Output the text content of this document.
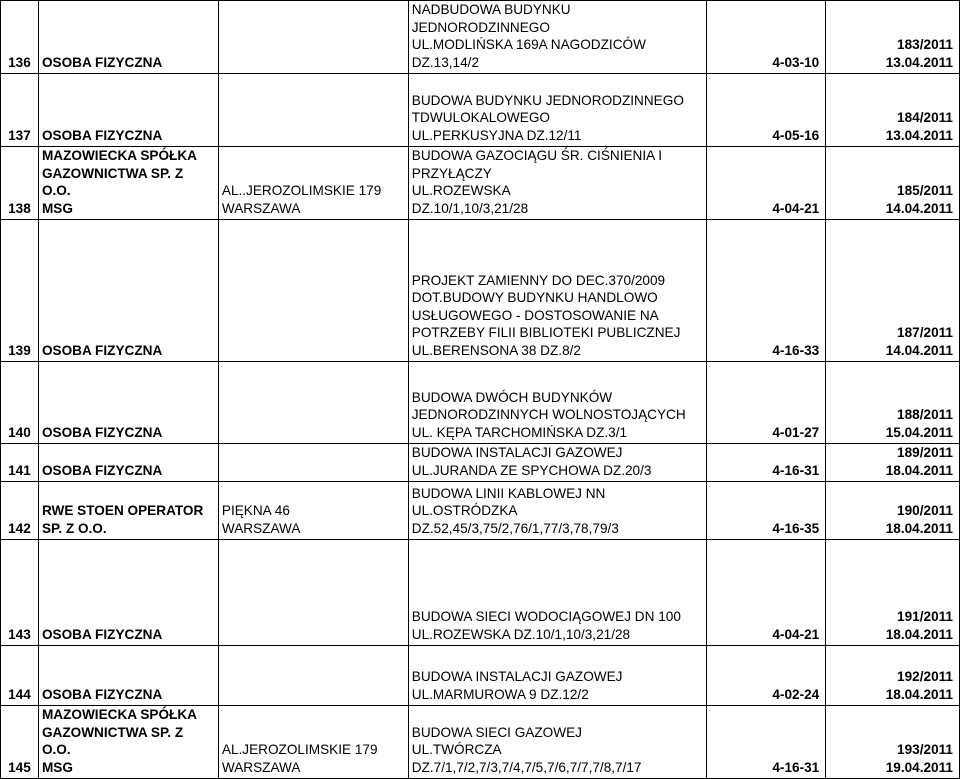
136	OSOBA FIZYCZNA		NADBUDOWA BUDYNKU
JEDNORODZINNEGO
UL.MODLIŃSKA 169A NAGODZICÓW
DZ.13,14/2	4-03-10	183/2011
13.04.2011

137	OSOBA FIZYCZNA		BUDOWA BUDYNKU JEDNORODZINNEGO
TDWULOKALOWEGO
UL.PERKUSYJNA DZ.12/11	4-05-16	184/2011
13.04.2011

138	MAZOWIECKA SPÓŁKA
GAZOWNICTWA SP. Z
O.O.
MSG	AL..JEROZOLIMSKIE 179
WARSZAWA	BUDOWA GAZOCIĄGU ŚR. CIŚNIENIA I
PRZYŁĄCZY
UL.ROZEWSKA
DZ.10/1,10/3,21/28	4-04-21	185/2011
14.04.2011

139	OSOBA FIZYCZNA		PROJEKT ZAMIENNY DO DEC.370/2009
DOT.BUDOWY BUDYNKU HANDLOWO
USŁUGOWEGO - DOSTOSOWANIE NA
POTRZEBY FILII BIBLIOTEKI PUBLICZNEJ
UL.BERENSONA 38 DZ.8/2	4-16-33	187/2011
14.04.2011

140	OSOBA FIZYCZNA		BUDOWA DWÓCH BUDYNKÓW
JEDNORODZINNYCH WOLNOSTOJĄCYCH
UL. KĘPA TARCHOMIŃSKA DZ.3/1	4-01-27	188/2011
15.04.2011

141	OSOBA FIZYCZNA		BUDOWA INSTALACJI GAZOWEJ
UL.JURANDA ZE SPYCHOWA DZ.20/3	4-16-31	189/2011
18.04.2011

142	RWE STOEN OPERATOR
SP. Z O.O.	PIĘKNA 46
WARSZAWA	BUDOWA LINII KABLOWEJ NN
UL.OSTRÓDZKA
DZ.52,45/3,75/2,76/1,77/3,78,79/3	4-16-35	190/2011
18.04.2011

143	OSOBA FIZYCZNA		BUDOWA SIECI WODOCIĄGOWEJ DN 100
UL.ROZEWSKA DZ.10/1,10/3,21/28	4-04-21	191/2011
18.04.2011

144	OSOBA FIZYCZNA		BUDOWA INSTALACJI GAZOWEJ
UL.MARMUROWA 9 DZ.12/2	4-02-24	192/2011
18.04.2011

145	MAZOWIECKA SPÓŁKA
GAZOWNICTWA SP. Z
O.O.
MSG	AL.JEROZOLIMSKIE 179
WARSZAWA	BUDOWA SIECI GAZOWEJ
UL.TWÓRCZA
DZ.7/1,7/2,7/3,7/4,7/5,7/6,7/7,7/8,7/17	4-16-31	193/2011
19.04.2011
